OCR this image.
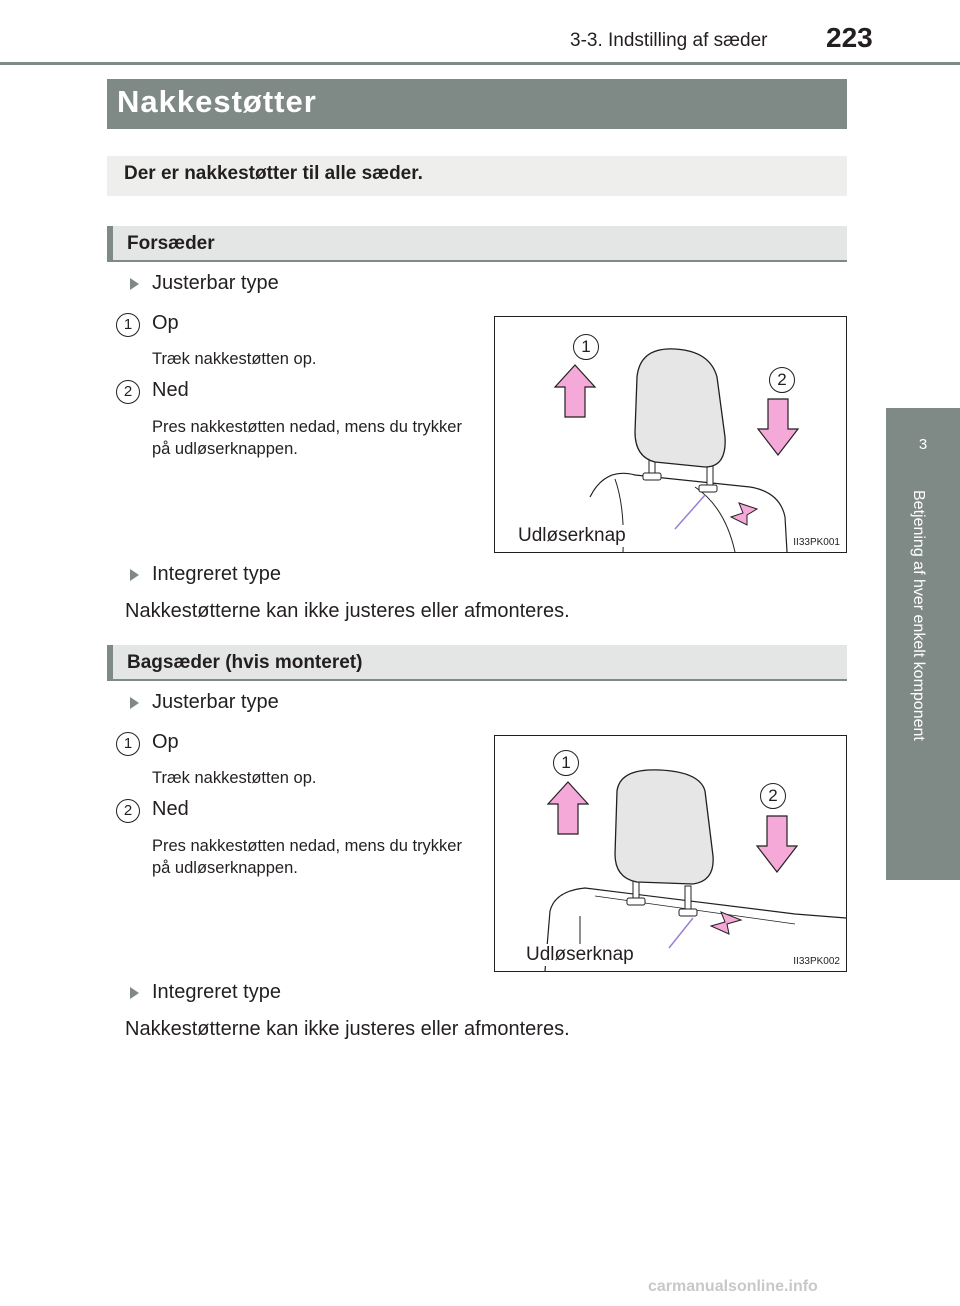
3-3. Indstilling af sæder 223
3
Betjening af hver enkelt komponent
Nakkestøtter
Der er nakkestøtter til alle sæder.
Forsæder
Justerbar type
1 Op
Træk nakkestøtten op.
2 Ned
Pres nakkestøtten nedad, mens du trykker på udløserknappen.
1
2
Udløserknap	II33PK001
Integreret type
Nakkestøtterne kan ikke justeres eller afmonteres.
Bagsæder (hvis monteret)
Justerbar type
1 Op
Træk nakkestøtten op.
2 Ned
Pres nakkestøtten nedad, mens du trykker på udløserknappen.
1
2
Udløserknap	II33PK002
Integreret type
Nakkestøtterne kan ikke justeres eller afmonteres.
carmanualsonline.info
